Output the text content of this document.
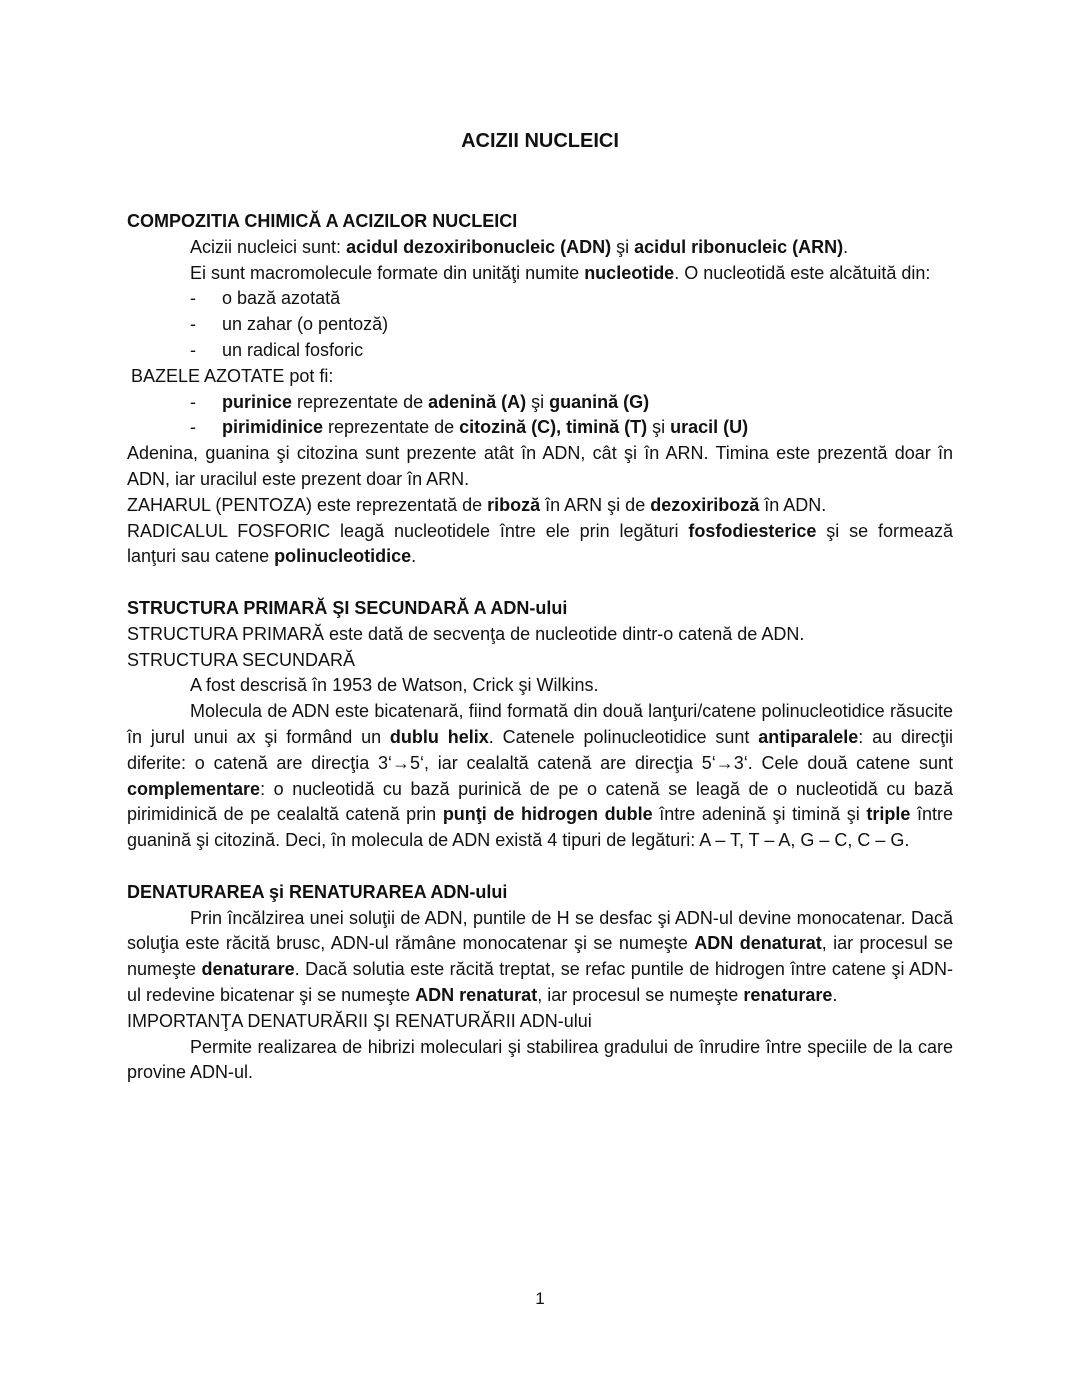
ACIZII NUCLEICI
COMPOZITIA CHIMICĂ A ACIZILOR NUCLEICI

Acizii nucleici sunt: acidul dezoxiribonucleic (ADN) şi acidul ribonucleic (ARN).

Ei sunt macromolecule formate din unităţi numite nucleotide. O nucleotidă este alcătuită din:

- o bază azotată
- un zahar (o pentoză)
- un radical fosforic

BAZELE AZOTATE pot fi:

- purinice reprezentate de adenină (A) şi guanină (G)
- pirimidinice reprezentate de citozină (C), timină (T) şi uracil (U)

Adenina, guanina şi citozina sunt prezente atât în ADN, cât şi în ARN. Timina este prezentă doar în ADN, iar uracilul este prezent doar în ARN.

ZAHARUL (PENTOZA) este reprezentată de riboză în ARN şi de dezoxiriboză în ADN.

RADICALUL FOSFORIC leagă nucleotidele între ele prin legături fosfodiesterice şi se formează lanţuri sau catene polinucleotidice.

STRUCTURA PRIMARĂ ŞI SECUNDARĂ A ADN-ului

STRUCTURA PRIMARĂ este dată de secvenţa de nucleotide dintr-o catenă de ADN.

STRUCTURA SECUNDARĂ

A fost descrisă în 1953 de Watson, Crick şi Wilkins.

Molecula de ADN este bicatenară, fiind formată din două lanţuri/catene polinucleotidice răsucite în jurul unui ax şi formând un dublu helix. Catenele polinucleotidice sunt antiparalele: au direcţii diferite: o catenă are direcţia 3‘→5‘, iar cealaltă catenă are direcţia 5‘→3‘. Cele două catene sunt complementare: o nucleotidă cu bază purinică de pe o catenă se leagă de o nucleotidă cu bază pirimidinică de pe cealaltă catenă prin punţi de hidrogen duble între adenină şi timină şi triple între guanină şi citozină. Deci, în molecula de ADN există 4 tipuri de legături: A – T, T – A, G – C, C – G.

DENATURAREA şi RENATURAREA ADN-ului

Prin încălzirea unei soluţii de ADN, puntile de H se desfac şi ADN-ul devine monocatenar. Dacă soluţia este răcită brusc, ADN-ul rămâne monocatenar şi se numeşte ADN denaturat, iar procesul se numeşte denaturare. Dacă solutia este răcită treptat, se refac puntile de hidrogen între catene şi ADN-ul redevine bicatenar şi se numeşte ADN renaturat, iar procesul se numeşte renaturare.

IMPORTANŢA DENATURĂRII ŞI RENATURĂRII ADN-ului

Permite realizarea de hibrizi moleculari şi stabilirea gradului de înrudire între speciile de la care provine ADN-ul.

1
